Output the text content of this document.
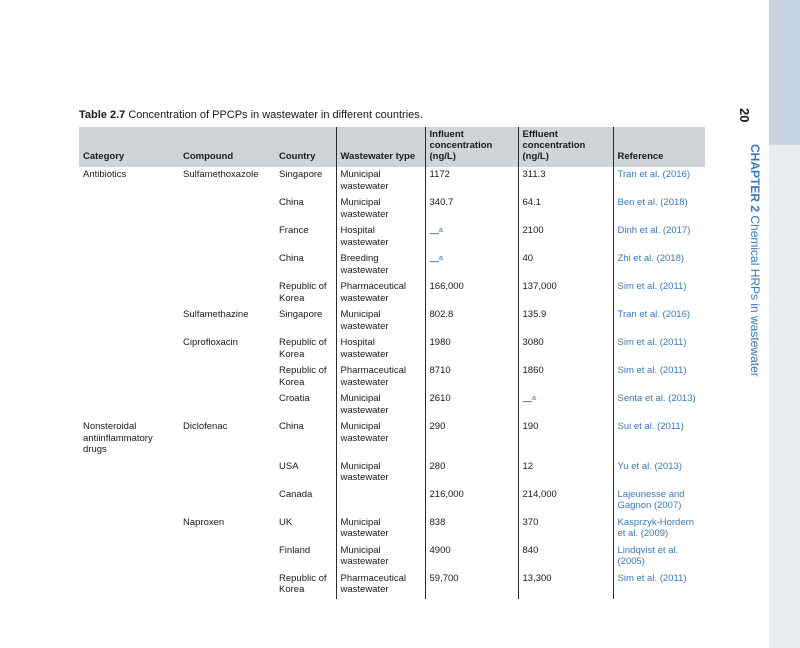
20
CHAPTER 2 Chemical HRPs in wastewater
Table 2.7 Concentration of PPCPs in wastewater in different countries.
Category	Compound	Country	Wastewater type	Influent concentration (ng/L)	Effluent concentration (ng/L)	Reference
Antibiotics	Sulfamethoxazole	Singapore	Municipal wastewater	1172	311.3	Tran et al. (2016)
		China	Municipal wastewater	340.7	64.1	Ben et al. (2018)
		France	Hospital wastewater	—$^a$	2100	Dinh et al. (2017)
		China	Breeding wastewater	—$^a$	40	Zhi et al. (2018)
		Republic of Korea	Pharmaceutical wastewater	166,000	137,000	Sim et al. (2011)
	Sulfamethazine	Singapore	Municipal wastewater	802.8	135.9	Tran et al. (2016)
	Ciprofloxacin	Republic of Korea	Hospital wastewater	1980	3080	Sim et al. (2011)
		Republic of Korea	Pharmaceutical wastewater	8710	1860	Sim et al. (2011)
		Croatia	Municipal wastewater	2610	—$^a$	Senta et al. (2013)
Nonsteroidal antiinflammatory drugs	Diclofenac	China	Municipal wastewater	290	190	Sui et al. (2011)
		USA	Municipal wastewater	280	12	Yu et al. (2013)
		Canada		216,000	214,000	Lajeunesse and Gagnon (2007)
	Naproxen	UK	Municipal wastewater	838	370	Kasprzyk-Hordern et al. (2009)
		Finland	Municipal wastewater	4900	840	Lindqvist et al. (2005)
		Republic of Korea	Pharmaceutical wastewater	59,700	13,300	Sim et al. (2011)
